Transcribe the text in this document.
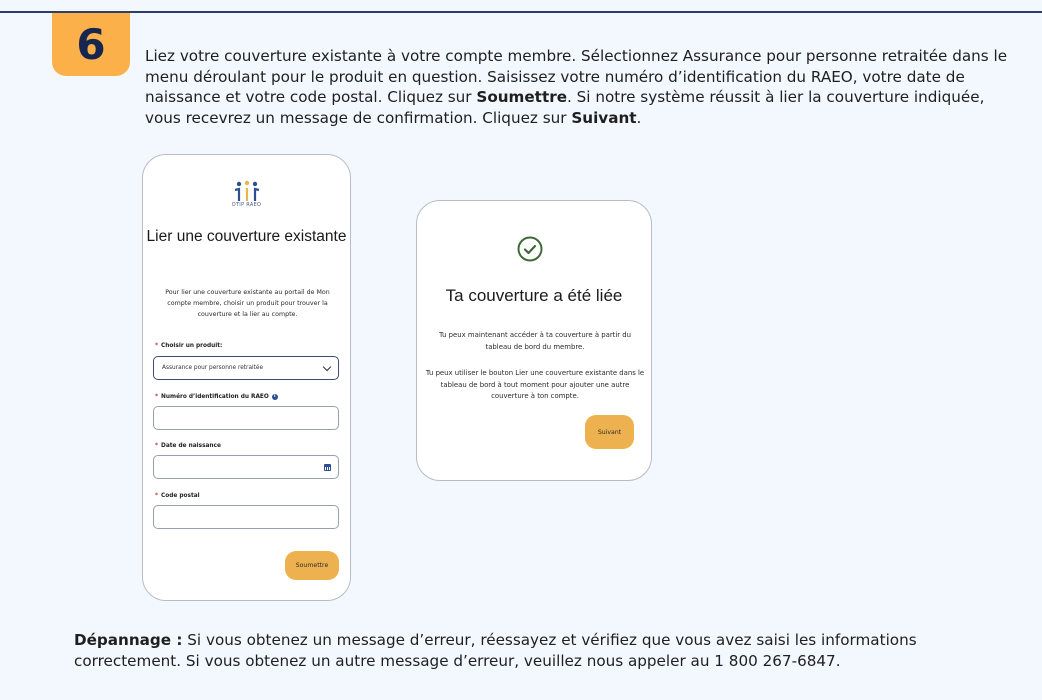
6	Liez votre couverture existante à votre compte membre. Sélectionnez Assurance pour personne retraitée dans le menu déroulant pour le produit en question. Saisissez votre numéro d’identification du RAEO, votre date de naissance et votre code postal. Cliquez sur Soumettre. Si notre système réussit à lier la couverture indiquée, vous recevrez un message de confirmation. Cliquez sur Suivant.

OTIP RAEO
Lier une couverture existante
Pour lier une couverture existante au portail de Mon compte membre, choisir un produit pour trouver la couverture et la lier au compte.
* Choisir un produit:
Assurance pour personne retraitée
* Numéro d’identification du RAEO	i
* Date de naissance
* Code postal
Soumettre
Ta couverture a été liée
Tu peux maintenant accéder à ta couverture à partir du tableau de bord du membre.
Tu peux utiliser le bouton Lier une couverture existante dans le tableau de bord à tout moment pour ajouter une autre couverture à ton compte.
Suivant

Dépannage : Si vous obtenez un message d’erreur, réessayez et vérifiez que vous avez saisi les informations correctement. Si vous obtenez un autre message d’erreur, veuillez nous appeler au 1 800 267-6847.
